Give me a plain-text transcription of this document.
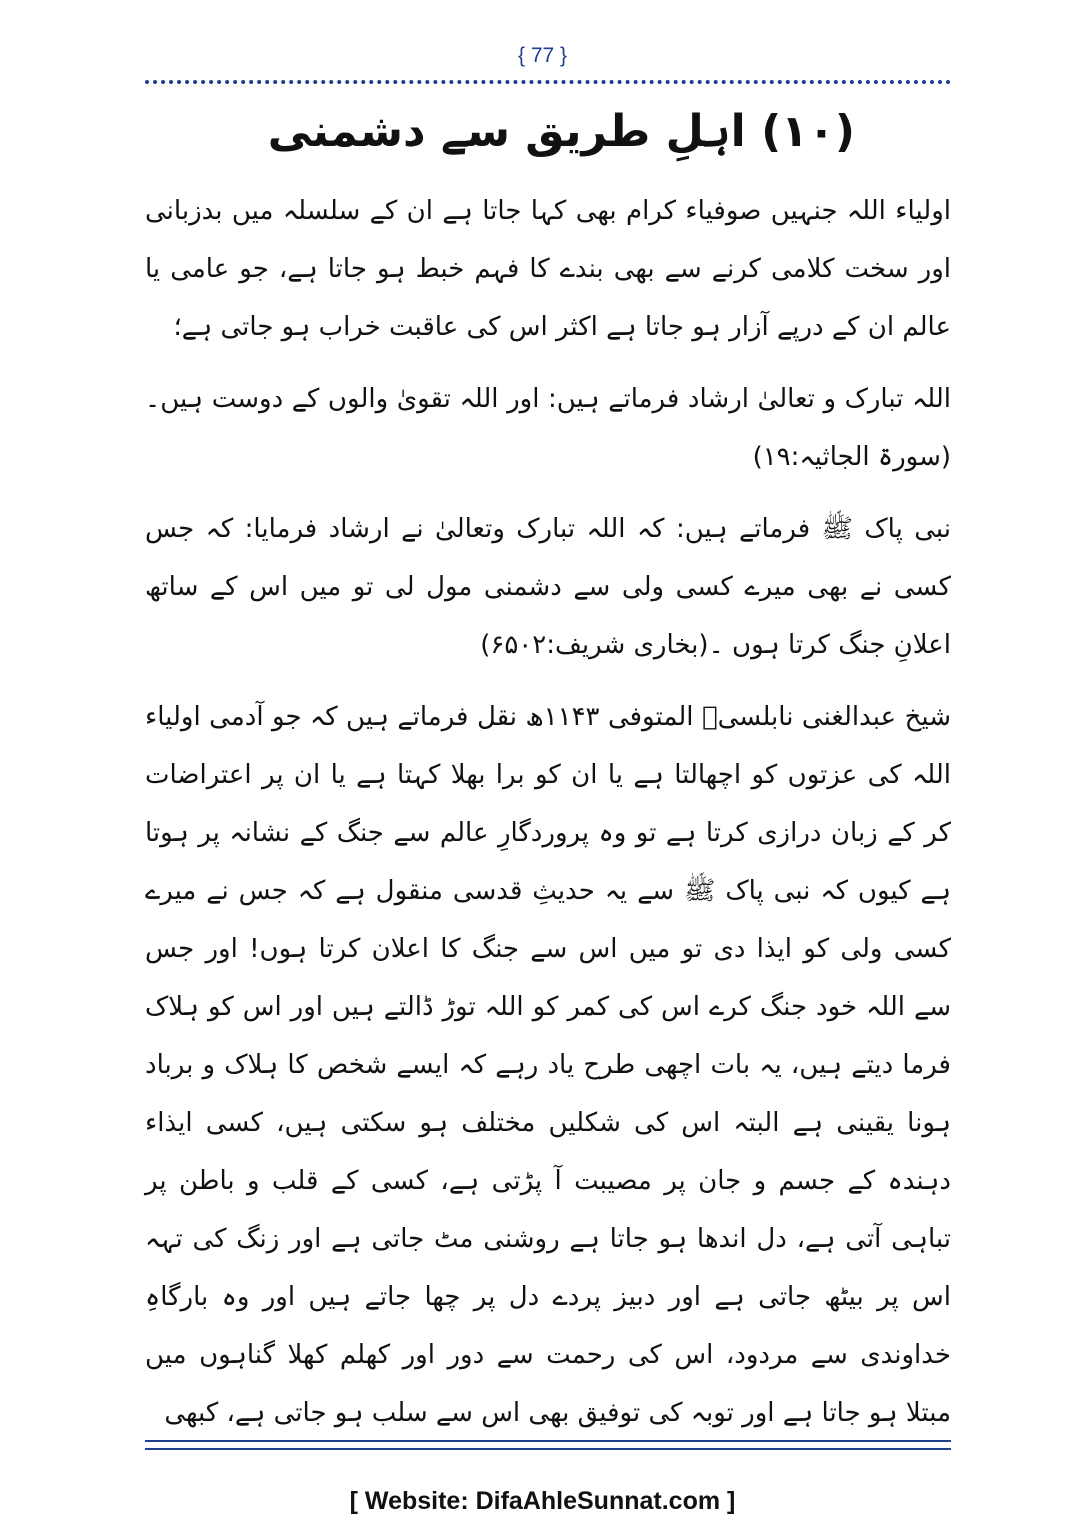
{ 77 }
(۱۰) اہلِ طریق سے دشمنی

اولیاء اللہ جنہیں صوفیاء کرام بھی کہا جاتا ہے ان کے سلسلہ میں بدزبانی اور سخت کلامی کرنے سے بھی بندے کا فہم خبط ہو جاتا ہے، جو عامی یا عالم ان کے درپے آزار ہو جاتا ہے اکثر اس کی عاقبت خراب ہو جاتی ہے؛

اللہ تبارک و تعالیٰ ارشاد فرماتے ہیں: اور اللہ تقویٰ والوں کے دوست ہیں۔(سورۃ الجاثیہ:۱۹)

نبی پاک ﷺ فرماتے ہیں: کہ اللہ تبارک وتعالیٰ نے ارشاد فرمایا: کہ جس کسی نے بھی میرے کسی ولی سے دشمنی مول لی تو میں اس کے ساتھ اعلانِ جنگ کرتا ہوں ۔(بخاری شریف:۶۵۰۲)

شیخ عبدالغنی نابلسیؒ المتوفی ۱۱۴۳ھ نقل فرماتے ہیں کہ جو آدمی اولیاء اللہ کی عزتوں کو اچھالتا ہے یا ان کو برا بھلا کہتا ہے یا ان پر اعتراضات کر کے زبان درازی کرتا ہے تو وہ پروردگارِ عالم سے جنگ کے نشانہ پر ہوتا ہے کیوں کہ نبی پاک ﷺ سے یہ حدیثِ قدسی منقول ہے کہ جس نے میرے کسی ولی کو ایذا دی تو میں اس سے جنگ کا اعلان کرتا ہوں! اور جس سے اللہ خود جنگ کرے اس کی کمر کو اللہ توڑ ڈالتے ہیں اور اس کو ہلاک فرما دیتے ہیں، یہ بات اچھی طرح یاد رہے کہ ایسے شخص کا ہلاک و برباد ہونا یقینی ہے البتہ اس کی شکلیں مختلف ہو سکتی ہیں، کسی ایذاء دہندہ کے جسم و جان پر مصیبت آ پڑتی ہے، کسی کے قلب و باطن پر تباہی آتی ہے، دل اندھا ہو جاتا ہے روشنی مٹ جاتی ہے اور زنگ کی تہہ اس پر بیٹھ جاتی ہے اور دبیز پردے دل پر چھا جاتے ہیں اور وہ بارگاہِ خداوندی سے مردود، اس کی رحمت سے دور اور کھلم کھلا گناہوں میں مبتلا ہو جاتا ہے اور توبہ کی توفیق بھی اس سے سلب ہو جاتی ہے، کبھی

[ Website: DifaAhleSunnat.com ]
